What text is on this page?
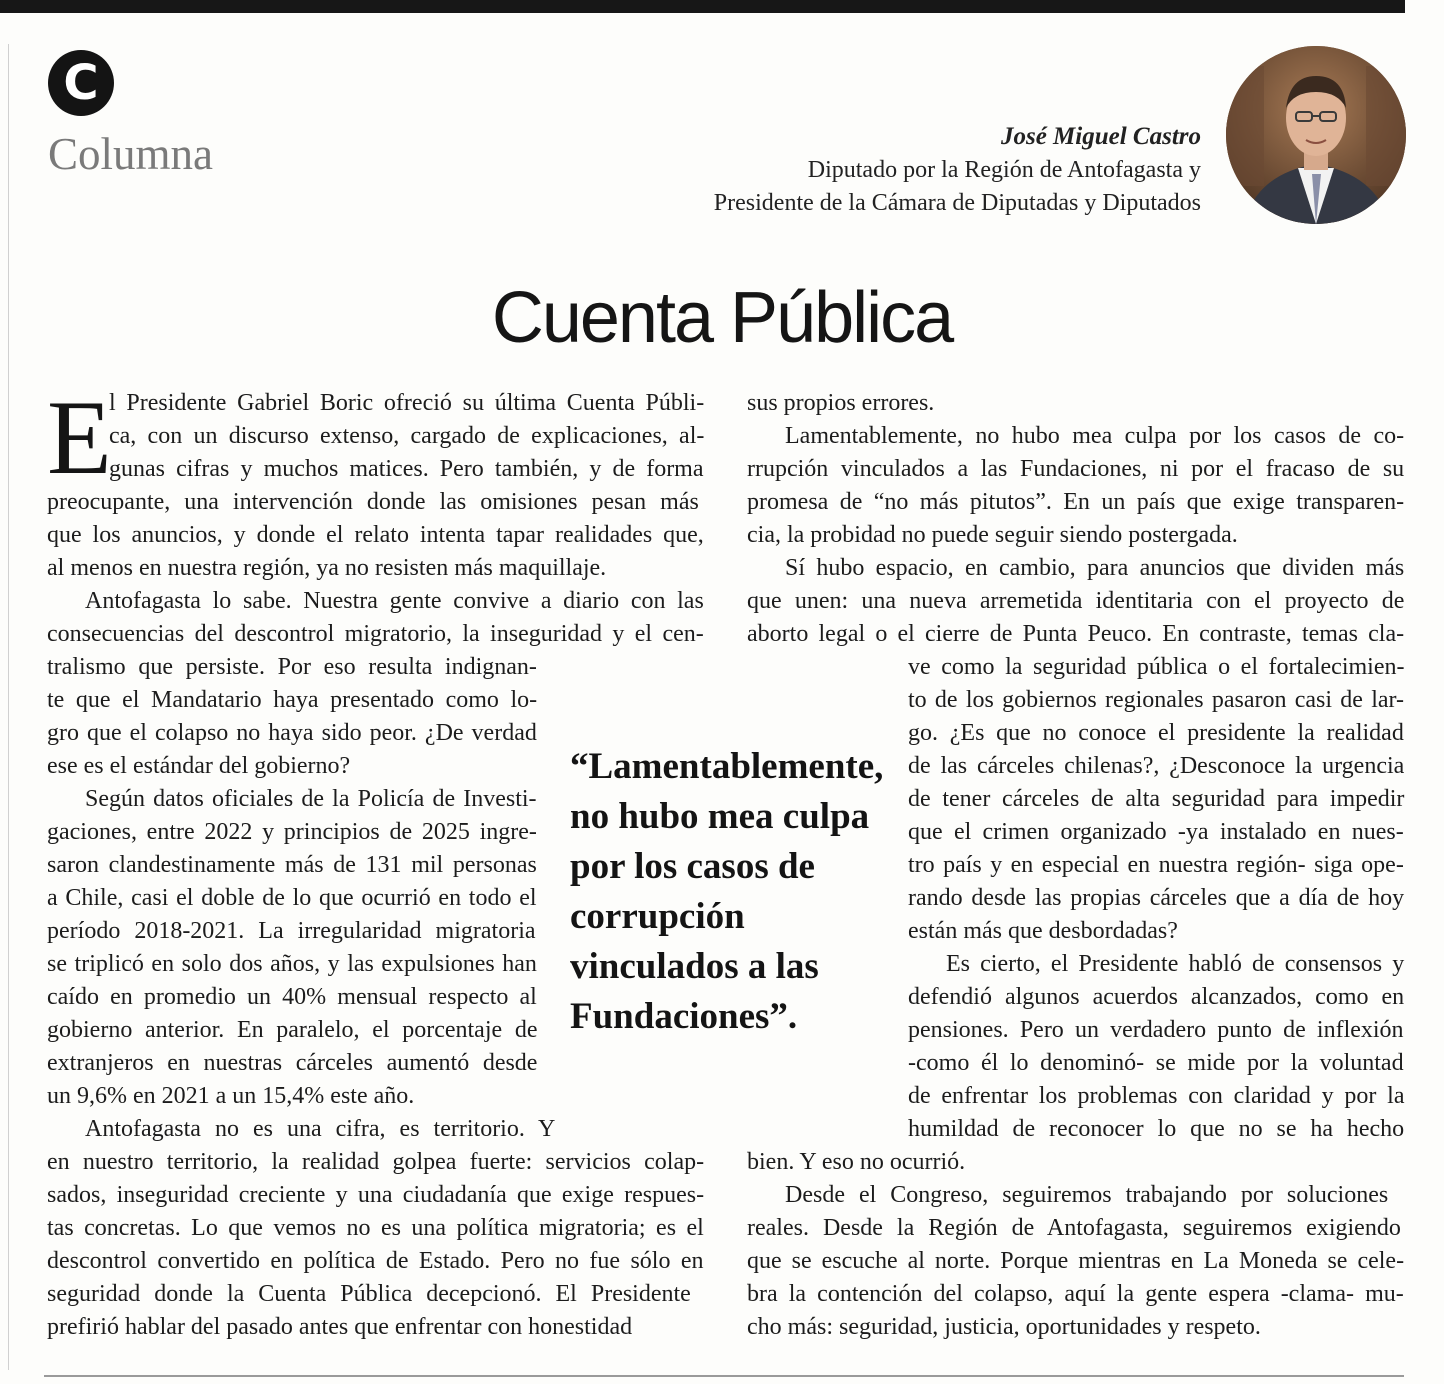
C
Columna	José Miguel Castro
Diputado por la Región de Antofagasta y
Presidente de la Cámara de Diputadas y Diputados
Cuenta Pública
E
l Presidente Gabriel Boric ofreció su última Cuenta Públi-
ca, con un discurso extenso, cargado de explicaciones, al-
gunas cifras y muchos matices. Pero también, y de forma
preocupante, una intervención donde las omisiones pesan más
que los anuncios, y donde el relato intenta tapar realidades que,
al menos en nuestra región, ya no resisten más maquillaje.
Antofagasta lo sabe. Nuestra gente convive a diario con las
consecuencias del descontrol migratorio, la inseguridad y el cen-
tralismo que persiste. Por eso resulta indignan-
te que el Mandatario haya presentado como lo-
gro que el colapso no haya sido peor. ¿De verdad
ese es el estándar del gobierno?
Según datos oficiales de la Policía de Investi-
gaciones, entre 2022 y principios de 2025 ingre-
saron clandestinamente más de 131 mil personas
a Chile, casi el doble de lo que ocurrió en todo el
período 2018-2021. La irregularidad migratoria
se triplicó en solo dos años, y las expulsiones han
caído en promedio un 40% mensual respecto al
gobierno anterior. En paralelo, el porcentaje de
extranjeros en nuestras cárceles aumentó desde
un 9,6% en 2021 a un 15,4% este año.
Antofagasta no es una cifra, es territorio. Y
en nuestro territorio, la realidad golpea fuerte: servicios colap-
sados, inseguridad creciente y una ciudadanía que exige respues-
tas concretas. Lo que vemos no es una política migratoria; es el
descontrol convertido en política de Estado. Pero no fue sólo en
seguridad donde la Cuenta Pública decepcionó. El Presidente
prefirió hablar del pasado antes que enfrentar con honestidad
sus propios errores.
Lamentablemente, no hubo mea culpa por los casos de co-
rrupción vinculados a las Fundaciones, ni por el fracaso de su
promesa de “no más pitutos”. En un país que exige transparen-
cia, la probidad no puede seguir siendo postergada.
Sí hubo espacio, en cambio, para anuncios que dividen más
que unen: una nueva arremetida identitaria con el proyecto de
aborto legal o el cierre de Punta Peuco. En contraste, temas cla-
ve como la seguridad pública o el fortalecimien-
to de los gobiernos regionales pasaron casi de lar-
go. ¿Es que no conoce el presidente la realidad
de las cárceles chilenas?, ¿Desconoce la urgencia
de tener cárceles de alta seguridad para impedir
que el crimen organizado -ya instalado en nues-
tro país y en especial en nuestra región- siga ope-
rando desde las propias cárceles que a día de hoy
están más que desbordadas?
Es cierto, el Presidente habló de consensos y
defendió algunos acuerdos alcanzados, como en
pensiones. Pero un verdadero punto de inflexión
-como él lo denominó- se mide por la voluntad
de enfrentar los problemas con claridad y por la
humildad de reconocer lo que no se ha hecho
bien. Y eso no ocurrió.
Desde el Congreso, seguiremos trabajando por soluciones
reales. Desde la Región de Antofagasta, seguiremos exigiendo
que se escuche al norte. Porque mientras en La Moneda se cele-
bra la contención del colapso, aquí la gente espera -clama- mu-
cho más: seguridad, justicia, oportunidades y respeto.
“Lamentablemente,
no hubo mea culpa
por los casos de
corrupción
vinculados a las
Fundaciones”.
